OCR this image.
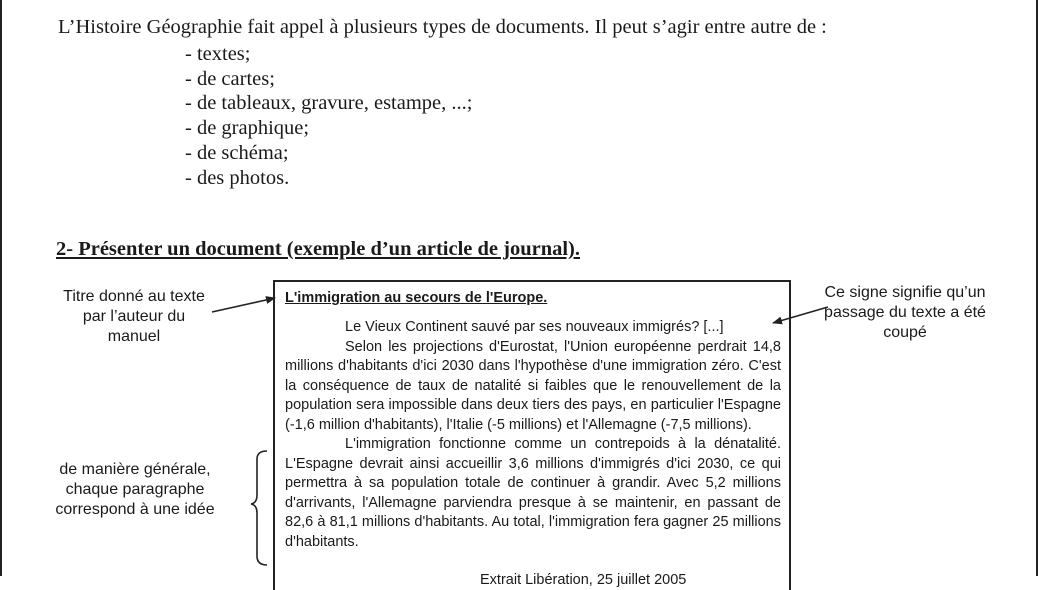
L’Histoire Géographie fait appel à plusieurs types de documents. Il peut s’agir entre autre de :
- textes;
- de cartes;
- de tableaux, gravure, estampe, ...;
- de graphique;
- de schéma;
- des photos.
2- Présenter un document (exemple d’un article de journal).
L'immigration au secours de l'Europe.

Le Vieux Continent sauvé par ses nouveaux immigrés? [...]

Selon les projections d'Eurostat, l'Union européenne perdrait 14,8 millions d'habitants d'ici 2030 dans l'hypothèse d'une immigration zéro. C'est la conséquence de taux de natalité si faibles que le renouvellement de la population sera impossible dans deux tiers des pays, en particulier l'Espagne (-1,6 million d'habitants), l'Italie (-5 millions) et l'Allemagne (-7,5 millions).

L'immigration fonctionne comme un contrepoids à la dénatalité. L'Espagne devrait ainsi accueillir 3,6 millions d'immigrés d'ici 2030, ce qui permettra à sa population totale de continuer à grandir. Avec 5,2 millions d'arrivants, l'Allemagne parviendra presque à se maintenir, en passant de 82,6 à 81,1 millions d'habitants. Au total, l'immigration fera gagner 25 millions d'habitants.

Extrait Libération, 25 juillet 2005
Titre donné au texte par l’auteur du manuel
Ce signe signifie qu’un passage du texte a été coupé
de manière générale, chaque paragraphe correspond à une idée
